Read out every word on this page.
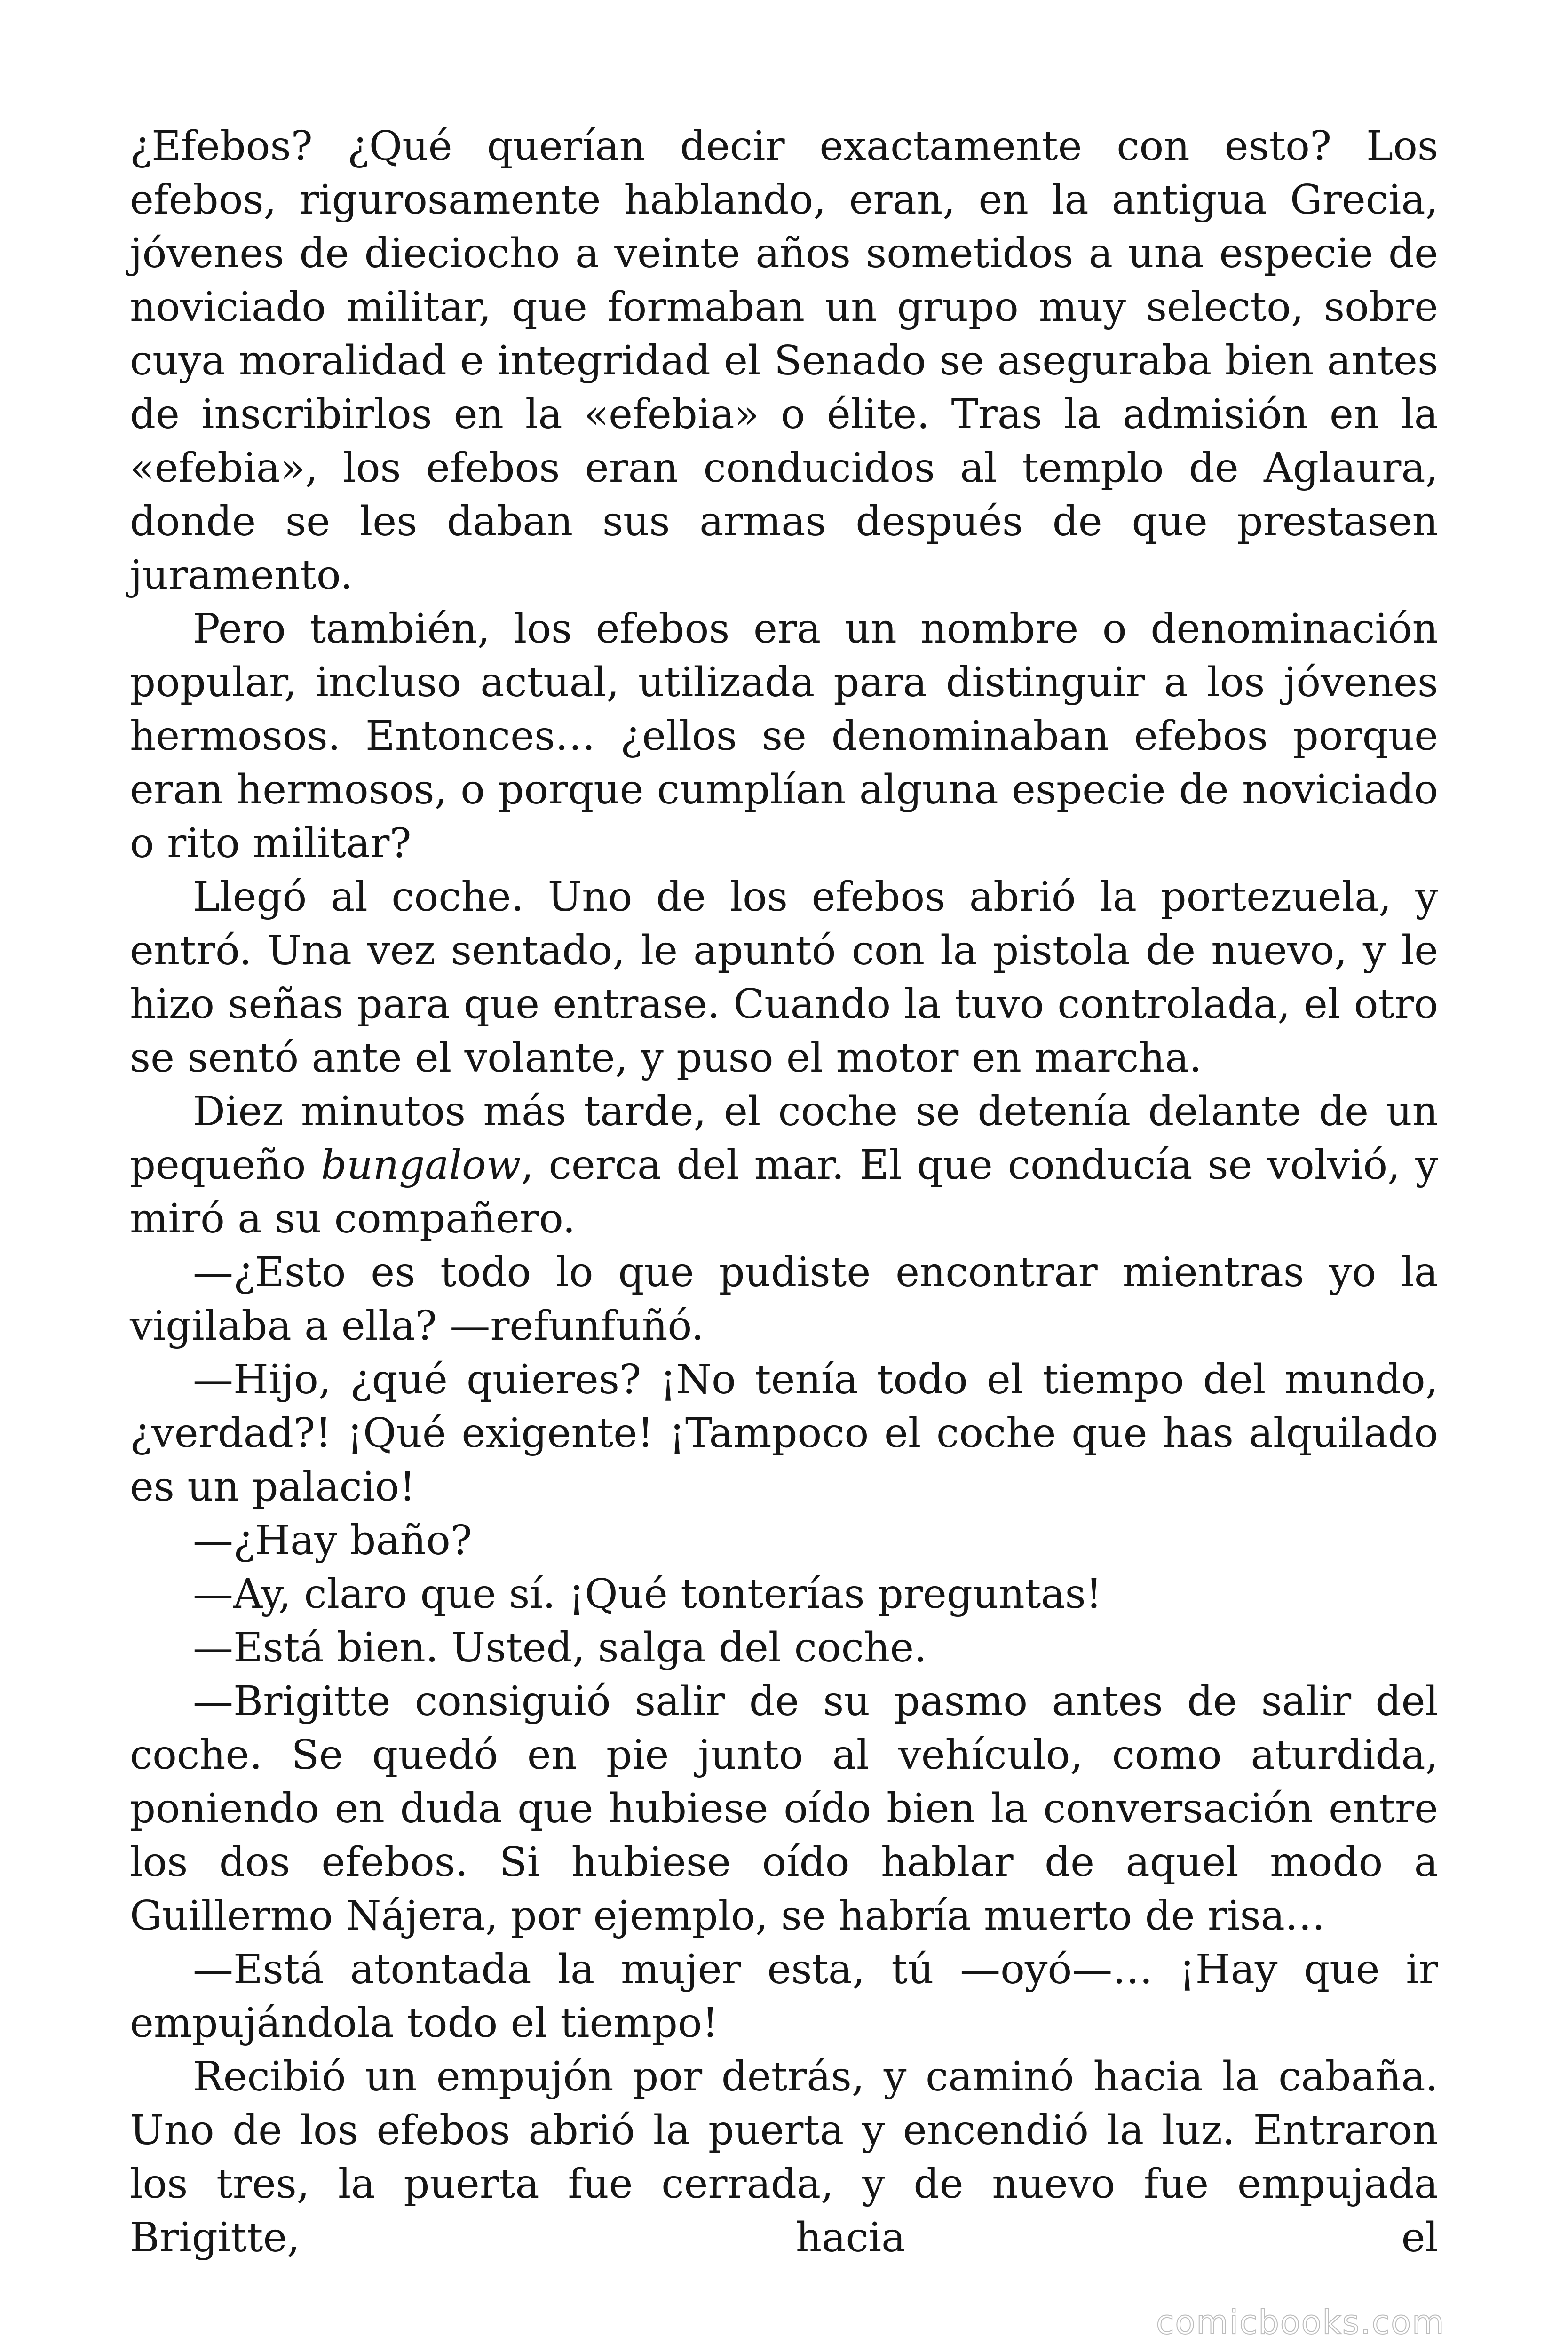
¿Efebos? ¿Qué querían decir exactamente con esto? Los efebos, rigurosamente hablando, eran, en la antigua Grecia, jóvenes de dieciocho a veinte años sometidos a una especie de noviciado militar, que formaban un grupo muy selecto, sobre cuya moralidad e integridad el Senado se aseguraba bien antes de inscribirlos en la «efebia» o élite. Tras la admisión en la «efebia», los efebos eran conducidos al templo de Aglaura, donde se les daban sus armas después de que prestasen juramento.

Pero también, los efebos era un nombre o denominación popular, incluso actual, utilizada para distinguir a los jóvenes hermosos. Entonces… ¿ellos se denominaban efebos porque eran hermosos, o porque cumplían alguna especie de noviciado o rito militar?

Llegó al coche. Uno de los efebos abrió la portezuela, y entró. Una vez sentado, le apuntó con la pistola de nuevo, y le hizo señas para que entrase. Cuando la tuvo controlada, el otro se sentó ante el volante, y puso el motor en marcha.

Diez minutos más tarde, el coche se detenía delante de un pequeño bungalow, cerca del mar. El que conducía se volvió, y miró a su compañero.

—¿Esto es todo lo que pudiste encontrar mientras yo la vigilaba a ella? —refunfuñó.

—Hijo, ¿qué quieres? ¡No tenía todo el tiempo del mundo, ¿verdad?! ¡Qué exigente! ¡Tampoco el coche que has alquilado es un palacio!

—¿Hay baño?

—Ay, claro que sí. ¡Qué tonterías preguntas!

—Está bien. Usted, salga del coche.

—Brigitte consiguió salir de su pasmo antes de salir del coche. Se quedó en pie junto al vehículo, como aturdida, poniendo en duda que hubiese oído bien la conversación entre los dos efebos. Si hubiese oído hablar de aquel modo a Guillermo Nájera, por ejemplo, se habría muerto de risa…

—Está atontada la mujer esta, tú —oyó—… ¡Hay que ir empujándola todo el tiempo!

Recibió un empujón por detrás, y caminó hacia la cabaña. Uno de los efebos abrió la puerta y encendió la luz. Entraron los tres, la puerta fue cerrada, y de nuevo fue empujada Brigitte, hacia el

comicbooks.com
